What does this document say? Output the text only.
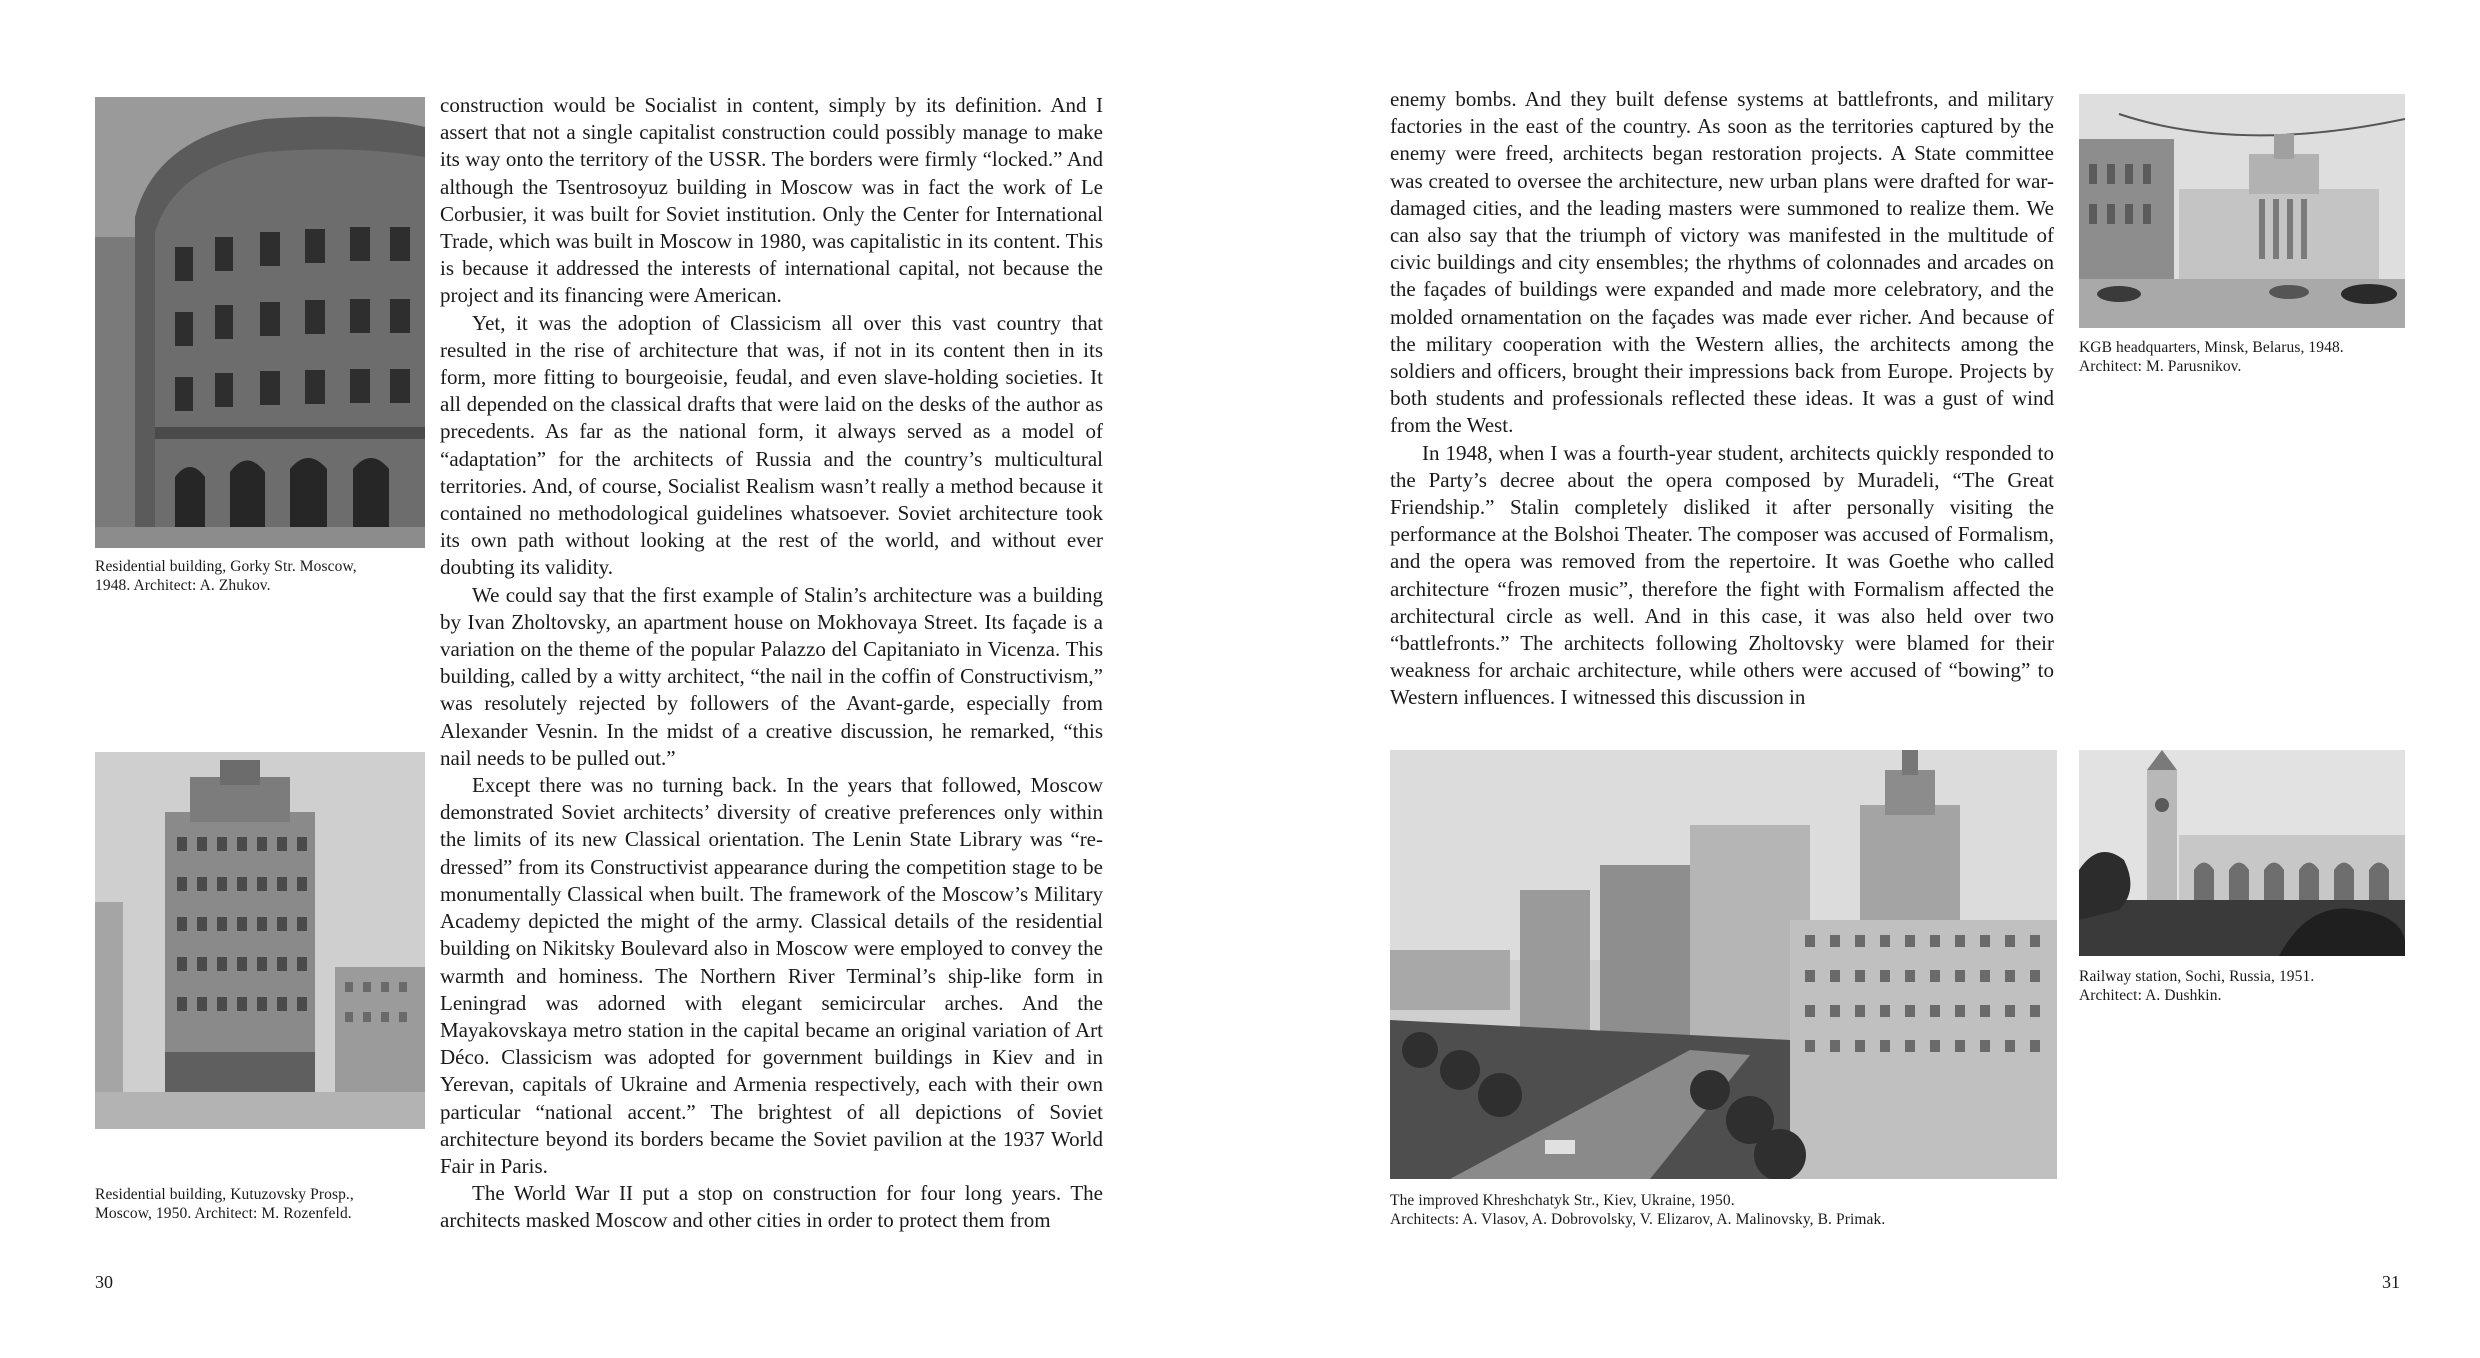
Residential building, Gorky Str. Moscow,
1948. Architect: A. Zhukov.
Residential building, Kutuzovsky Prosp.,
Moscow, 1950. Architect: M. Rozenfeld.

construction would be Socialist in content, simply by its definition. And I assert that not a single capitalist construction could possibly manage to make its way onto the territory of the USSR. The borders were firmly “locked.” And although the Tsentrosoyuz building in Moscow was in fact the work of Le Corbusier, it was built for Soviet institution. Only the Center for International Trade, which was built in Moscow in 1980, was capitalistic in its content. This is because it addressed the interests of international capital, not because the project and its financing were American.

Yet, it was the adoption of Classicism all over this vast country that resulted in the rise of architecture that was, if not in its content then in its form, more fitting to bourgeoisie, feudal, and even slave-holding societies. It all depended on the classical drafts that were laid on the desks of the author as precedents. As far as the national form, it always served as a model of “adaptation” for the architects of Russia and the country’s multicultural territories. And, of course, Socialist Realism wasn’t really a method because it contained no methodological guidelines whatsoever. Soviet architecture took its own path without looking at the rest of the world, and without ever doubting its validity.

We could say that the first example of Stalin’s architecture was a building by Ivan Zholtovsky, an apartment house on Mokhovaya Street. Its façade is a variation on the theme of the popular Palazzo del Capitaniato in Vicenza. This building, called by a witty architect, “the nail in the coffin of Constructivism,” was resolutely rejected by followers of the Avant-garde, especially from Alexander Vesnin. In the midst of a creative discussion, he remarked, “this nail needs to be pulled out.”

Except there was no turning back. In the years that followed, Moscow demonstrated Soviet architects’ diversity of creative preferences only within the limits of its new Classical orientation. The Lenin State Library was “re-dressed” from its Constructivist appearance during the competition stage to be monumentally Classical when built. The framework of the Moscow’s Military Academy depicted the might of the army. Classical details of the residential building on Nikitsky Boulevard also in Moscow were employed to convey the warmth and hominess. The Northern River Terminal’s ship-like form in Leningrad was adorned with elegant semicircular arches. And the Mayakovskaya metro station in the capital became an original variation of Art Déco. Classicism was adopted for government buildings in Kiev and in Yerevan, capitals of Ukraine and Armenia respectively, each with their own particular “national accent.” The brightest of all depictions of Soviet architecture beyond its borders became the Soviet pavilion at the 1937 World Fair in Paris.

The World War II put a stop on construction for four long years. The architects masked Moscow and other cities in order to protect them from

30

enemy bombs. And they built defense systems at battlefronts, and military factories in the east of the country. As soon as the territories captured by the enemy were freed, architects began restoration projects. A State committee was created to oversee the architecture, new urban plans were drafted for war-damaged cities, and the leading masters were summoned to realize them. We can also say that the triumph of victory was manifested in the multitude of civic buildings and city ensembles; the rhythms of colonnades and arcades on the façades of buildings were expanded and made more celebratory, and the molded ornamentation on the façades was made ever richer. And because of the military cooperation with the Western allies, the architects among the soldiers and officers, brought their impressions back from Europe. Projects by both students and professionals reflected these ideas. It was a gust of wind from the West.

In 1948, when I was a fourth-year student, architects quickly responded to the Party’s decree about the opera composed by Muradeli, “The Great Friendship.” Stalin completely disliked it after personally visiting the performance at the Bolshoi Theater. The composer was accused of Formalism, and the opera was removed from the repertoire. It was Goethe who called architecture “frozen music”, therefore the fight with Formalism affected the architectural circle as well. And in this case, it was also held over two “battlefronts.” The architects following Zholtovsky were blamed for their weakness for archaic architecture, while others were accused of “bowing” to Western influences. I witnessed this discussion in

KGB headquarters, Minsk, Belarus, 1948.
Architect: M. Parusnikov.
The improved Khreshchatyk Str., Kiev, Ukraine, 1950.
Architects: A. Vlasov, A. Dobrovolsky, V. Elizarov, A. Malinovsky, B. Primak.
Railway station, Sochi, Russia, 1951.
Architect: A. Dushkin.
31
